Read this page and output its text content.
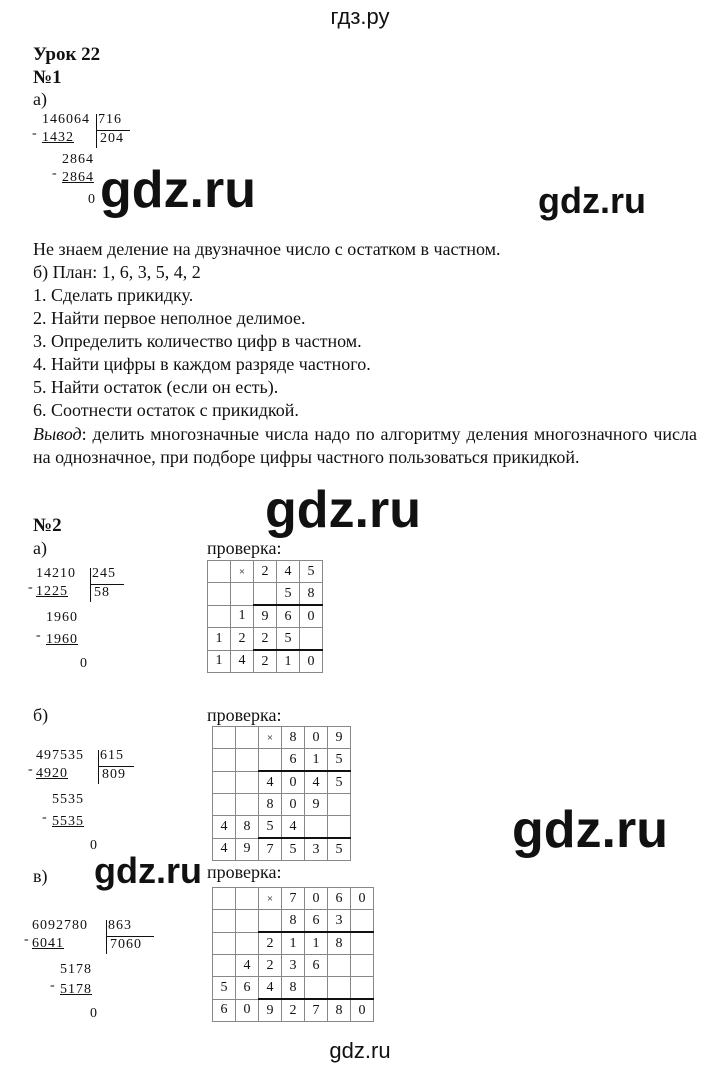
гдз.ру
Урок 22
№1
а)
146064 716
- 1432 204
2864
- 2864
0 gdz.ru	gdz.ru
Не знаем деление на двузначное число с остатком в частном.
б) План: 1, 6, 3, 5, 4, 2
1. Сделать прикидку.
2. Найти первое неполное делимое.
3. Определить количество цифр в частном.
4. Найти цифры в каждом разряде частного.
5. Найти остаток (если он есть).
6. Соотнести остаток с прикидкой.
Вывод: делить многозначные числа надо по алгоритму деления многозначного числа на однозначное, при подборе цифры частного пользоваться прикидкой.
gdz.ru
№2
а)	проверка:
14210 245
- 1225 58
1960
- 1960
0
	×	2	4	5
			5	8
	1	9	6	0
1	2	2	5	
1	4	2	1	0
б)	проверка:
497535 615
- 4920 809
5535
- 5535
0
		×	8	0	9
			6	1	5
		4	0	4	5
		8	0	9	
4	8	5	4		
4	9	7	5	3	5	gdz.ru
в) gdz.ru проверка:
6092780 863
- 6041	7060
5178
- 5178
0
		×	7	0	6	0
			8	6	3	
		2	1	1	8	
	4	2	3	6		
5	6	4	8			
6	0	9	2	7	8	0
gdz.ru
